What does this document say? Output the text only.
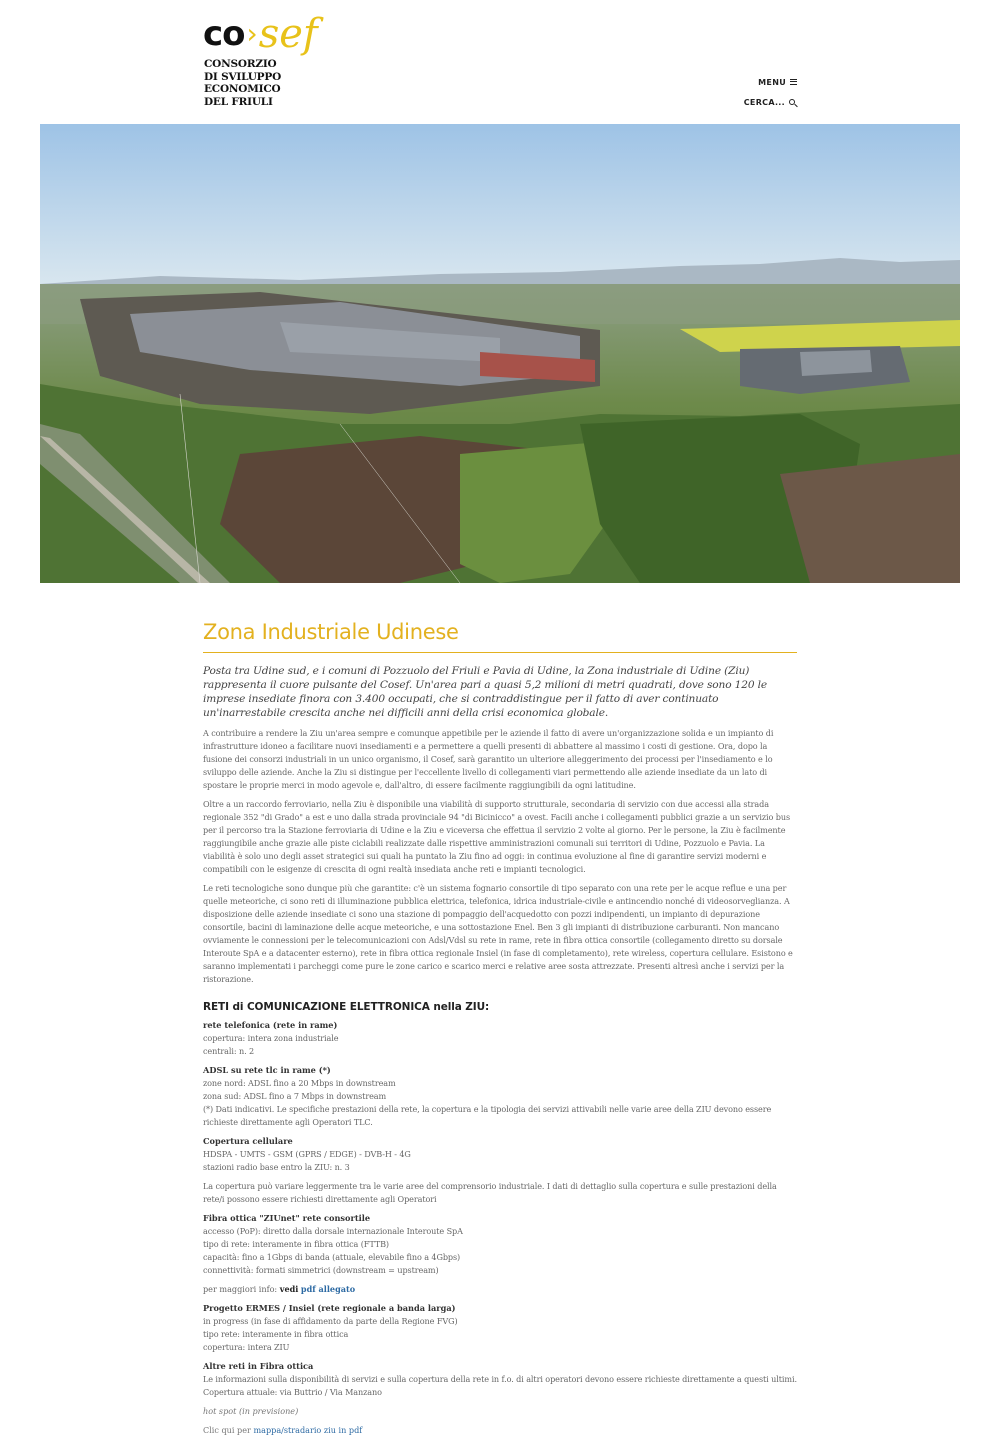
co › sef
CONSORZIO
DI SVILUPPO
ECONOMICO
DEL FRIULI
MENU
CERCA...
Zona Industriale Udinese

Posta tra Udine sud, e i comuni di Pozzuolo del Friuli e Pavia di Udine, la Zona industriale di Udine (Ziu) rappresenta il cuore pulsante del Cosef. Un'area pari a quasi 5,2 milioni di metri quadrati, dove sono 120 le imprese insediate finora con 3.400 occupati, che si contraddistingue per il fatto di aver continuato un'inarrestabile crescita anche nei difficili anni della crisi economica globale.

A contribuire a rendere la Ziu un'area sempre e comunque appetibile per le aziende il fatto di avere un'organizzazione solida e un impianto di infrastrutture idoneo a facilitare nuovi insediamenti e a permettere a quelli presenti di abbattere al massimo i costi di gestione. Ora, dopo la fusione dei consorzi industriali in un unico organismo, il Cosef, sarà garantito un ulteriore alleggerimento dei processi per l'insediamento e lo sviluppo delle aziende. Anche la Ziu si distingue per l'eccellente livello di collegamenti viari permettendo alle aziende insediate da un lato di spostare le proprie merci in modo agevole e, dall'altro, di essere facilmente raggiungibili da ogni latitudine.

Oltre a un raccordo ferroviario, nella Ziu è disponibile una viabilità di supporto strutturale, secondaria di servizio con due accessi alla strada regionale 352 "di Grado" a est e uno dalla strada provinciale 94 "di Bicinicco" a ovest. Facili anche i collegamenti pubblici grazie a un servizio bus per il percorso tra la Stazione ferroviaria di Udine e la Ziu e viceversa che effettua il servizio 2 volte al giorno. Per le persone, la Ziu è facilmente raggiungibile anche grazie alle piste ciclabili realizzate dalle rispettive amministrazioni comunali sui territori di Udine, Pozzuolo e Pavia. La viabilità è solo uno degli asset strategici sui quali ha puntato la Ziu fino ad oggi: in continua evoluzione al fine di garantire servizi moderni e compatibili con le esigenze di crescita di ogni realtà insediata anche reti e impianti tecnologici.

Le reti tecnologiche sono dunque più che garantite: c'è un sistema fognario consortile di tipo separato con una rete per le acque reflue e una per quelle meteoriche, ci sono reti di illuminazione pubblica elettrica, telefonica, idrica industriale-civile e antincendio nonché di videosorveglianza. A disposizione delle aziende insediate ci sono una stazione di pompaggio dell'acquedotto con pozzi indipendenti, un impianto di depurazione consortile, bacini di laminazione delle acque meteoriche, e una sottostazione Enel. Ben 3 gli impianti di distribuzione carburanti. Non mancano ovviamente le connessioni per le telecomunicazioni con Adsl/Vdsl su rete in rame, rete in fibra ottica consortile (collegamento diretto su dorsale Interoute SpA e a datacenter esterno), rete in fibra ottica regionale Insiel (in fase di completamento), rete wireless, copertura cellulare. Esistono e saranno implementati i parcheggi come pure le zone carico e scarico merci e relative aree sosta attrezzate. Presenti altresì anche i servizi per la ristorazione.

RETI di COMUNICAZIONE ELETTRONICA nella ZIU:
rete telefonica (rete in rame)
copertura: intera zona industriale
centrali: n. 2
ADSL su rete tlc in rame (*)
zone nord: ADSL fino a 20 Mbps in downstream
zona sud: ADSL fino a 7 Mbps in downstream
(*) Dati indicativi. Le specifiche prestazioni della rete, la copertura e la tipologia dei servizi attivabili nelle varie aree della ZIU devono essere richieste direttamente agli Operatori TLC.
Copertura cellulare
HDSPA - UMTS - GSM (GPRS / EDGE) - DVB-H - 4G
stazioni radio base entro la ZIU: n. 3

La copertura può variare leggermente tra le varie aree del comprensorio industriale. I dati di dettaglio sulla copertura e sulle prestazioni della rete/i possono essere richiesti direttamente agli Operatori

Fibra ottica "ZIUnet" rete consortile
accesso (PoP): diretto dalla dorsale internazionale Interoute SpA
tipo di rete: interamente in fibra ottica (FTTB)
capacità: fino a 1Gbps di banda (attuale, elevabile fino a 4Gbps)
connettività: formati simmetrici (downstream = upstream)
per maggiori info: vedi pdf allegato
Progetto ERMES / Insiel (rete regionale a banda larga)
in progress (in fase di affidamento da parte della Regione FVG)
tipo rete: interamente in fibra ottica
copertura: intera ZIU
Altre reti in Fibra ottica
Le informazioni sulla disponibilità di servizi e sulla copertura della rete in f.o. di altri operatori devono essere richieste direttamente a questi ultimi. Copertura attuale: via Buttrio / Via Manzano
hot spot (in previsione)
Clic qui per mappa/stradario ziu in pdf
